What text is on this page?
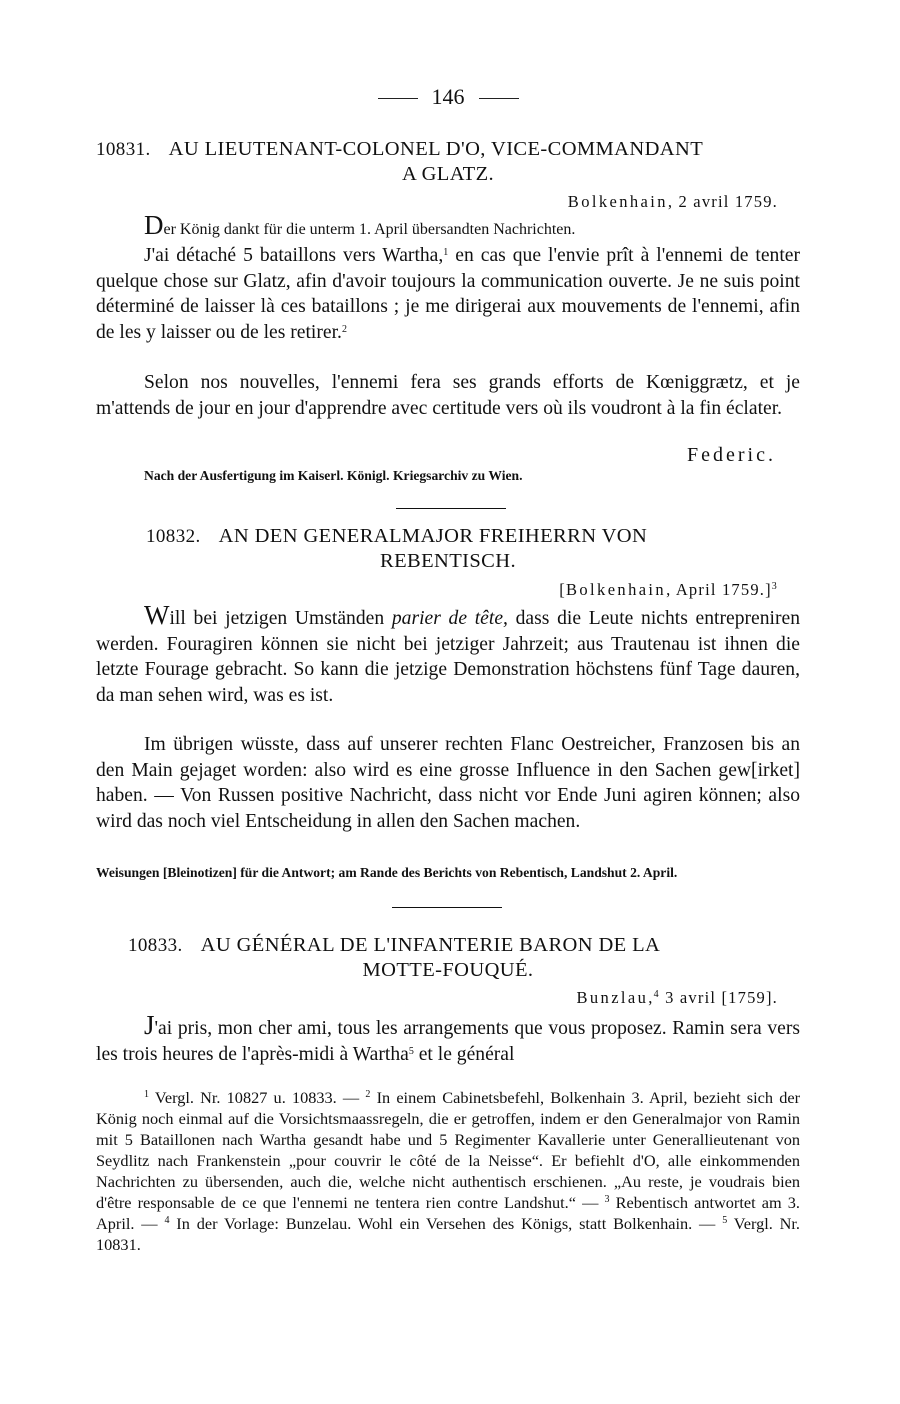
146
10831. AU LIEUTENANT-COLONEL D'O, VICE-COMMANDANT
A GLATZ.
Bolkenhain, 2 avril 1759.
Der König dankt für die unterm 1. April übersandten Nachrichten.
J'ai détaché 5 bataillons vers Wartha,$^1$ en cas que l'envie prît à l'ennemi de tenter quelque chose sur Glatz, afin d'avoir toujours la communication ouverte. Je ne suis point déterminé de laisser là ces bataillons ; je me dirigerai aux mouvements de l'ennemi, afin de les y laisser ou de les retirer.$^2$
Selon nos nouvelles, l'ennemi fera ses grands efforts de Kœniggrætz, et je m'attends de jour en jour d'apprendre avec certitude vers où ils voudront à la fin éclater.
Federic.
Nach der Ausfertigung im Kaiserl. Königl. Kriegsarchiv zu Wien.
10832. AN DEN GENERALMAJOR FREIHERRN VON
REBENTISCH.
[Bolkenhain, April 1759.]$^3$
Will bei jetzigen Umständen parier de tête, dass die Leute nichts entrepreniren werden. Fouragiren können sie nicht bei jetziger Jahrzeit; aus Trautenau ist ihnen die letzte Fourage gebracht. So kann die jetzige Demonstration höchstens fünf Tage dauren, da man sehen wird, was es ist.
Im übrigen wüsste, dass auf unserer rechten Flanc Oestreicher, Franzosen bis an den Main gejaget worden: also wird es eine grosse Influence in den Sachen gew[irket] haben. — Von Russen positive Nachricht, dass nicht vor Ende Juni agiren können; also wird das noch viel Entscheidung in allen den Sachen machen.
Weisungen [Bleinotizen] für die Antwort; am Rande des Berichts von Rebentisch, Landshut 2. April.
10833. AU GÉNÉRAL DE L'INFANTERIE BARON DE LA
MOTTE-FOUQUÉ.
Bunzlau,$^4$ 3 avril [1759].
J'ai pris, mon cher ami, tous les arrangements que vous proposez. Ramin sera vers les trois heures de l'après-midi à Wartha$^5$ et le général

$^1$ Vergl. Nr. 10827 u. 10833. — $^2$ In einem Cabinetsbefehl, Bolkenhain 3. April, bezieht sich der König noch einmal auf die Vorsichtsmaassregeln, die er getroffen, indem er den Generalmajor von Ramin mit 5 Bataillonen nach Wartha gesandt habe und 5 Regimenter Kavallerie unter Generallieutenant von Seydlitz nach Frankenstein „pour couvrir le côté de la Neisse“. Er befiehlt d'O, alle einkommenden Nachrichten zu übersenden, auch die, welche nicht authentisch erschienen. „Au reste, je voudrais bien d'être responsable de ce que l'ennemi ne tentera rien contre Landshut.“ — $^3$ Rebentisch antwortet am 3. April. — $^4$ In der Vorlage: Bunzelau. Wohl ein Versehen des Königs, statt Bolkenhain. — $^5$ Vergl. Nr. 10831.
